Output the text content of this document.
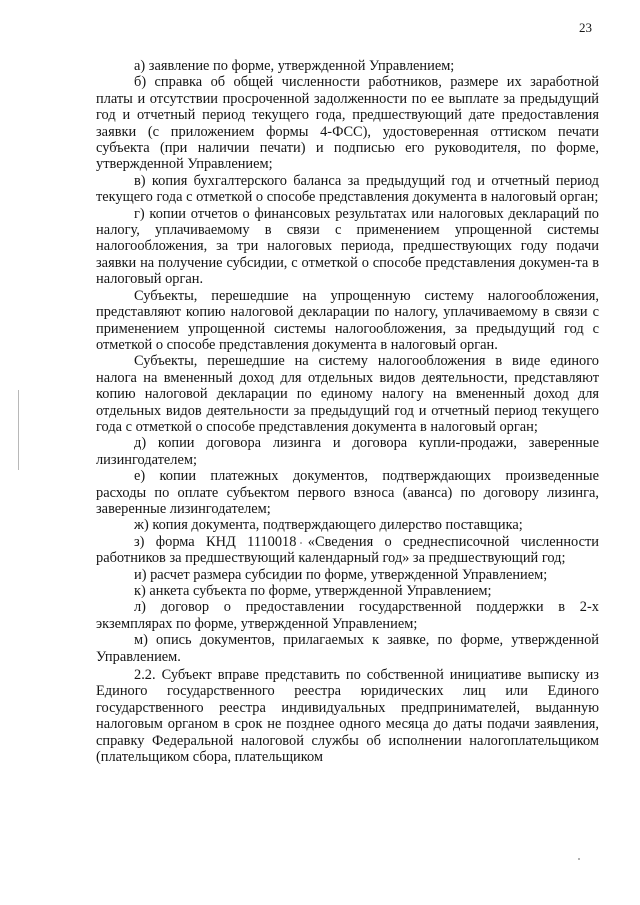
23

а) заявление по форме, утвержденной Управлением;

б) справка об общей численности работников, размере их заработной платы и отсутствии просроченной задолженности по ее выплате за предыдущий год и отчетный период текущего года, предшествующий дате предоставления заявки (с приложением формы 4-ФСС), удостоверенная оттиском печати субъекта (при наличии печати) и подписью его руководителя, по форме, утвержденной Управлением;

в) копия бухгалтерского баланса за предыдущий год и отчетный период текущего года с отметкой о способе представления документа в налоговый орган;

г) копии отчетов о финансовых результатах или налоговых деклараций по налогу, уплачиваемому в связи с применением упрощенной системы налогообложения, за три налоговых периода, предшествующих году подачи заявки на получение субсидии, с отметкой о способе представления докумен-та в налоговый орган.

Субъекты, перешедшие на упрощенную систему налогообложения, представляют копию налоговой декларации по налогу, уплачиваемому в связи с применением упрощенной системы налогообложения, за предыдущий год с отметкой о способе представления документа в налоговый орган.

Субъекты, перешедшие на систему налогообложения в виде единого налога на вмененный доход для отдельных видов деятельности, представляют копию налоговой декларации по единому налогу на вмененный доход для отдельных видов деятельности за предыдущий год и отчетный период текущего года с отметкой о способе представления документа в налоговый орган;

д) копии договора лизинга и договора купли-продажи, заверенные лизингодателем;

е) копии платежных документов, подтверждающих произведенные расходы по оплате субъектом первого взноса (аванса) по договору лизинга, заверенные лизингодателем;

ж) копия документа, подтверждающего дилерство поставщика;

з) форма КНД 1110018 «Сведения о среднесписочной численности работников за предшествующий календарный год» за предшествующий год;

и) расчет размера субсидии по форме, утвержденной Управлением;

к) анкета субъекта по форме, утвержденной Управлением;

л) договор о предоставлении государственной поддержки в 2-х экземплярах по форме, утвержденной Управлением;

м) опись документов, прилагаемых к заявке, по форме, утвержденной Управлением.

2.2. Субъект вправе представить по собственной инициативе выписку из Единого государственного реестра юридических лиц или Единого государственного реестра индивидуальных предпринимателей, выданную налоговым органом в срок не позднее одного месяца до даты подачи заявления, справку Федеральной налоговой службы об исполнении налогоплательщиком (плательщиком сбора, плательщиком
